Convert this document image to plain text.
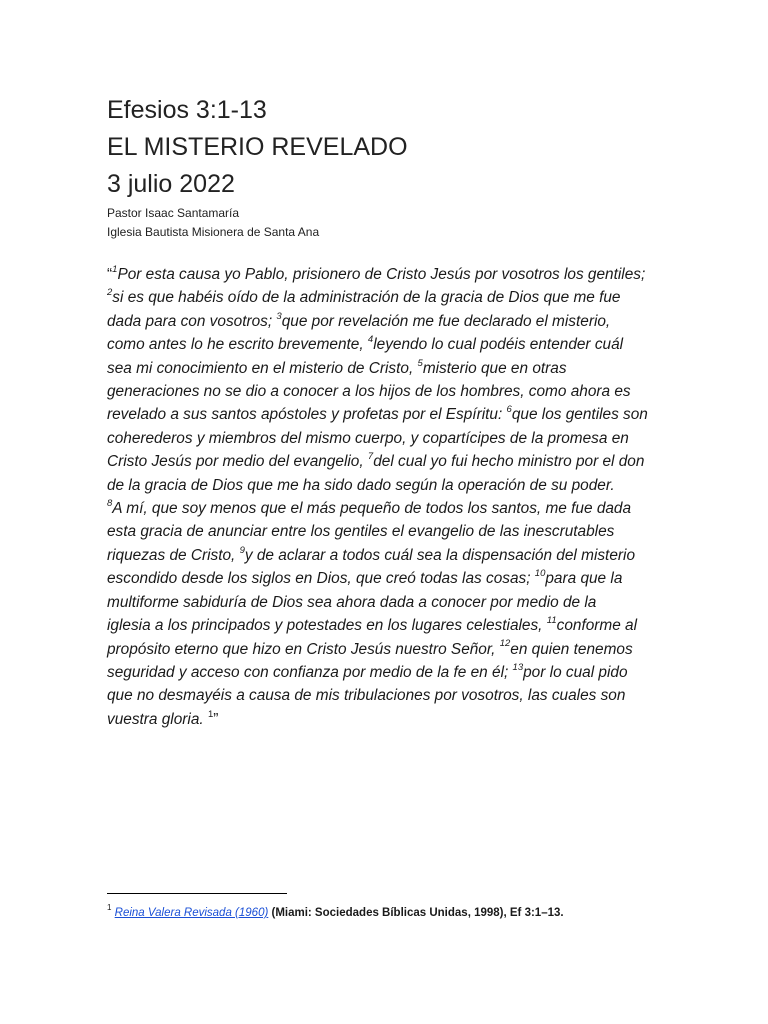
Efesios 3:1-13
EL MISTERIO REVELADO
3 julio 2022
Pastor Isaac Santamaría
Iglesia Bautista Misionera de Santa Ana
“$^1$Por esta causa yo Pablo, prisionero de Cristo Jesús por vosotros los gentiles;
$^2$si es que habéis oído de la administración de la gracia de Dios que me fue
dada para con vosotros; $^3$que por revelación me fue declarado el misterio,
como antes lo he escrito brevemente, $^4$leyendo lo cual podéis entender cuál
sea mi conocimiento en el misterio de Cristo, $^5$misterio que en otras
generaciones no se dio a conocer a los hijos de los hombres, como ahora es
revelado a sus santos apóstoles y profetas por el Espíritu: $^6$que los gentiles son
coherederos y miembros del mismo cuerpo, y copartícipes de la promesa en
Cristo Jesús por medio del evangelio, $^7$del cual yo fui hecho ministro por el don
de la gracia de Dios que me ha sido dado según la operación de su poder.
$^8$A mí, que soy menos que el más pequeño de todos los santos, me fue dada
esta gracia de anunciar entre los gentiles el evangelio de las inescrutables
riquezas de Cristo, $^9$y de aclarar a todos cuál sea la dispensación del misterio
escondido desde los siglos en Dios, que creó todas las cosas; $^{10}$para que la
multiforme sabiduría de Dios sea ahora dada a conocer por medio de la
iglesia a los principados y potestades en los lugares celestiales, $^{11}$conforme al
propósito eterno que hizo en Cristo Jesús nuestro Señor, $^{12}$en quien tenemos
seguridad y acceso con confianza por medio de la fe en él; $^{13}$por lo cual pido
que no desmayéis a causa de mis tribulaciones por vosotros, las cuales son
vuestra gloria. $^1$”
$^1$ Reina Valera Revisada (1960) (Miami: Sociedades Bíblicas Unidas, 1998), Ef 3:1–13.
